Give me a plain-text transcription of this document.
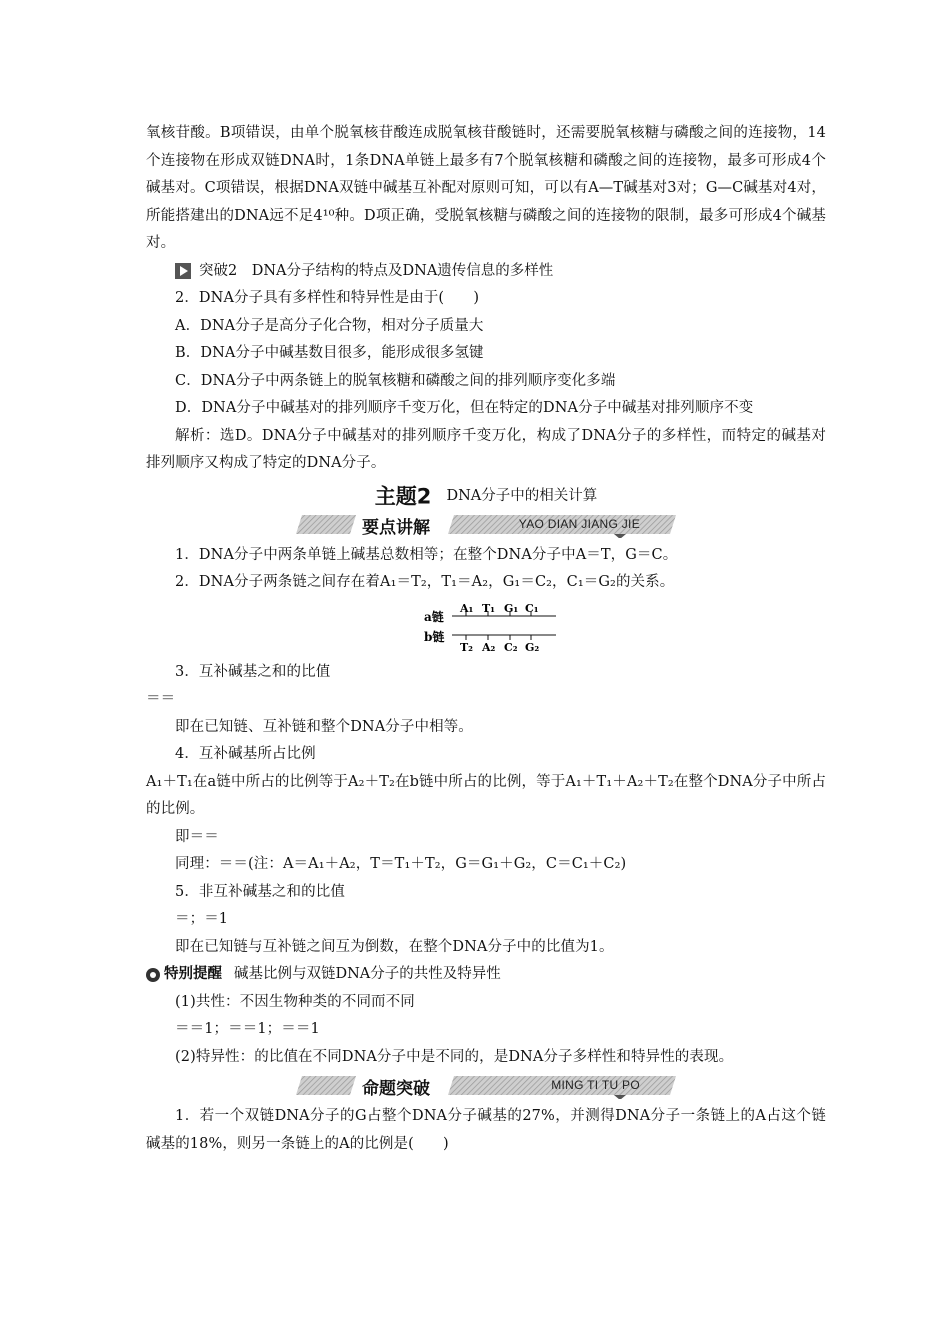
氧核苷酸。B项错误，由单个脱氧核苷酸连成脱氧核苷酸链时，还需要脱氧核糖与磷酸之间的连接物，14个连接物在形成双链DNA时，1条DNA单链上最多有7个脱氧核糖和磷酸之间的连接物，最多可形成4个碱基对。C项错误，根据DNA双链中碱基互补配对原则可知，可以有A—T碱基对3对；G—C碱基对4对，所能搭建出的DNA远不足4¹⁰种。D项正确，受脱氧核糖与磷酸之间的连接物的限制，最多可形成4个碱基对。

突破2　DNA分子结构的特点及DNA遗传信息的多样性

2．DNA分子具有多样性和特异性是由于(　　)

A．DNA分子是高分子化合物，相对分子质量大

B．DNA分子中碱基数目很多，能形成很多氢键

C．DNA分子中两条链上的脱氧核糖和磷酸之间的排列顺序变化多端

D．DNA分子中碱基对的排列顺序千变万化，但在特定的DNA分子中碱基对排列顺序不变

解析：选D。DNA分子中碱基对的排列顺序千变万化，构成了DNA分子的多样性，而特定的碱基对排列顺序又构成了特定的DNA分子。

主题2 DNA分子中的相关计算
要点讲解	YAO DIAN JIANG JIE

1．DNA分子中两条单链上碱基总数相等；在整个DNA分子中A＝T，G＝C。

2．DNA分子两条链之间存在着A₁＝T₂，T₁＝A₂，G₁＝C₂，C₁＝G₂的关系。

a链
b链
A₁ T₁ G₁ C₁
T₂ A₂ C₂ G₂

3．互补碱基之和的比值

＝＝

即在已知链、互补链和整个DNA分子中相等。

4．互补碱基所占比例

A₁＋T₁在a链中所占的比例等于A₂＋T₂在b链中所占的比例，等于A₁＋T₁＋A₂＋T₂在整个DNA分子中所占的比例。

即＝＝

同理：＝＝(注：A＝A₁＋A₂，T＝T₁＋T₂，G＝G₁＋G₂，C＝C₁＋C₂)

5．非互补碱基之和的比值

＝；＝1

即在已知链与互补链之间互为倒数，在整个DNA分子中的比值为1。

特别提醒 碱基比例与双链DNA分子的共性及特异性

(1)共性：不因生物种类的不同而不同

＝＝1；＝＝1；＝＝1

(2)特异性：的比值在不同DNA分子中是不同的，是DNA分子多样性和特异性的表现。

命题突破	MING TI TU PO

1．若一个双链DNA分子的G占整个DNA分子碱基的27%，并测得DNA分子一条链上的A占这个链碱基的18%，则另一条链上的A的比例是(　　)
